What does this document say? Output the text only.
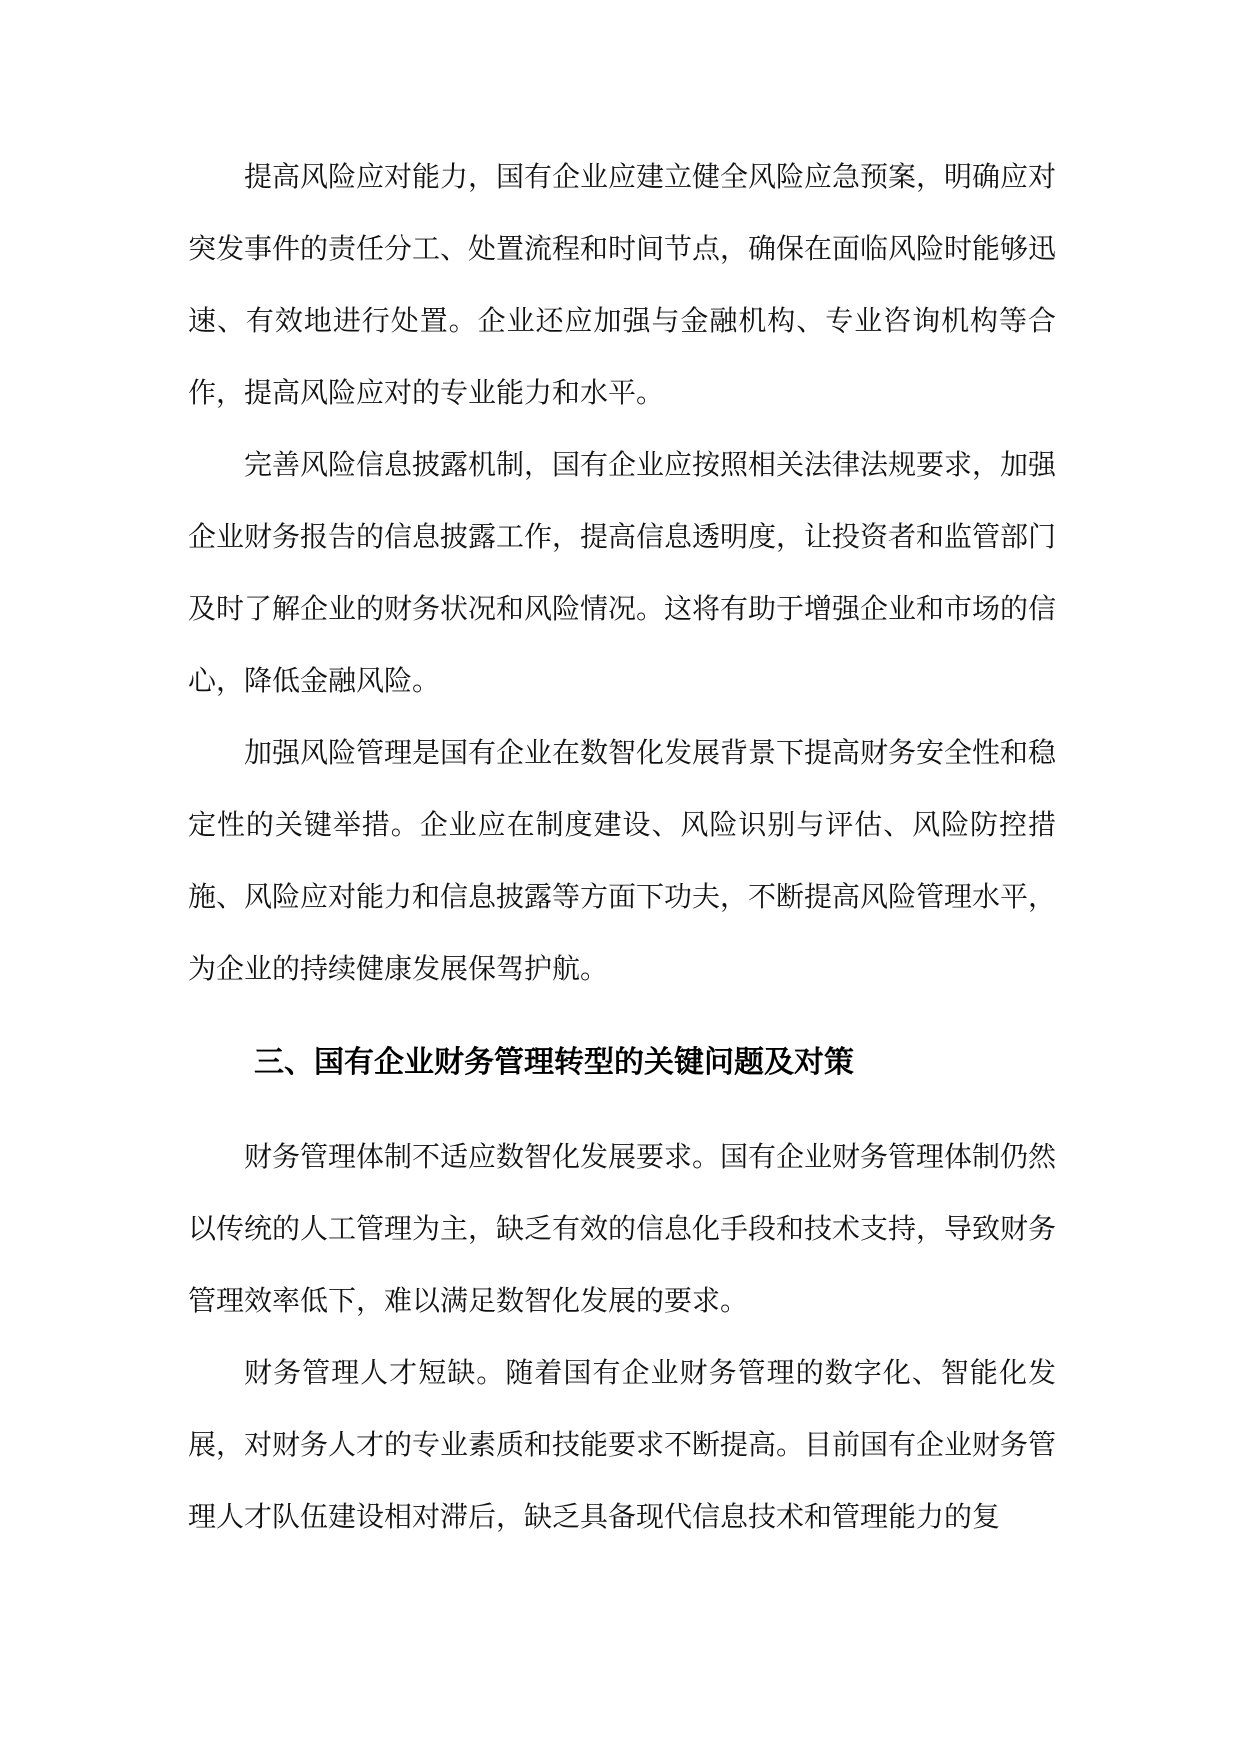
提高风险应对能力，国有企业应建立健全风险应急预案，明确应对突发事件的责任分工、处置流程和时间节点，确保在面临风险时能够迅速、有效地进行处置。企业还应加强与金融机构、专业咨询机构等合作，提高风险应对的专业能力和水平。

完善风险信息披露机制，国有企业应按照相关法律法规要求，加强企业财务报告的信息披露工作，提高信息透明度，让投资者和监管部门及时了解企业的财务状况和风险情况。这将有助于增强企业和市场的信心，降低金融风险。

加强风险管理是国有企业在数智化发展背景下提高财务安全性和稳定性的关键举措。企业应在制度建设、风险识别与评估、风险防控措施、风险应对能力和信息披露等方面下功夫，不断提高风险管理水平，为企业的持续健康发展保驾护航。

三、国有企业财务管理转型的关键问题及对策

财务管理体制不适应数智化发展要求。国有企业财务管理体制仍然以传统的人工管理为主，缺乏有效的信息化手段和技术支持，导致财务管理效率低下，难以满足数智化发展的要求。

财务管理人才短缺。随着国有企业财务管理的数字化、智能化发展，对财务人才的专业素质和技能要求不断提高。目前国有企业财务管理人才队伍建设相对滞后，缺乏具备现代信息技术和管理能力的复
